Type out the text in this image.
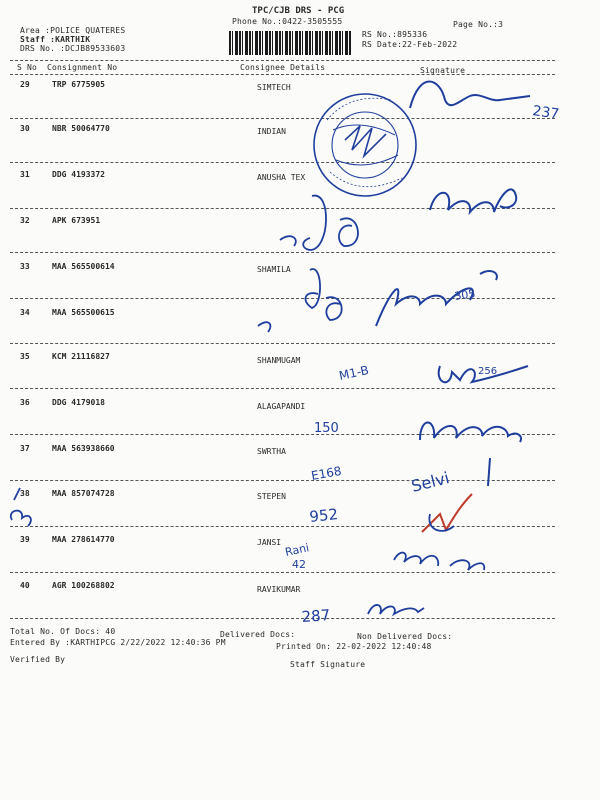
TPC/CJB DRS - PCG
Phone No.:0422-3505555	Page No.:3
Area :POLICE QUATERES
Staff :KARTHIK
DRS No. :DCJB89533603
RS No.:895336
RS Date:22-Feb-2022
S No Consignment No	Consignee Details	Signature
29	TRP 6775905	SIMTECH
30	NBR 50064770	INDIAN
31	DDG 4193372	ANUSHA TEX
32	APK 673951
33	MAA 565500614	SHAMILA
34	MAA 565500615
35	KCM 21116827	SHANMUGAM
36	DDG 4179018	ALAGAPANDI
37	MAA 563938660	SWRTHA
38	MAA 857074728	STEPEN
39	MAA 278614770	JANSI
40	AGR 100268802	RAVIKUMAR
Total No. Of Docs: 40	Delivered Docs:	Non Delivered Docs:
Entered By :KARTHIPCG 2/22/2022 12:40:36 PM	Printed On: 22-02-2022 12:40:48
Verified By
Staff Signature
237
305
M1-B	256
150
E168	Selvi
952
Rani
42
287
